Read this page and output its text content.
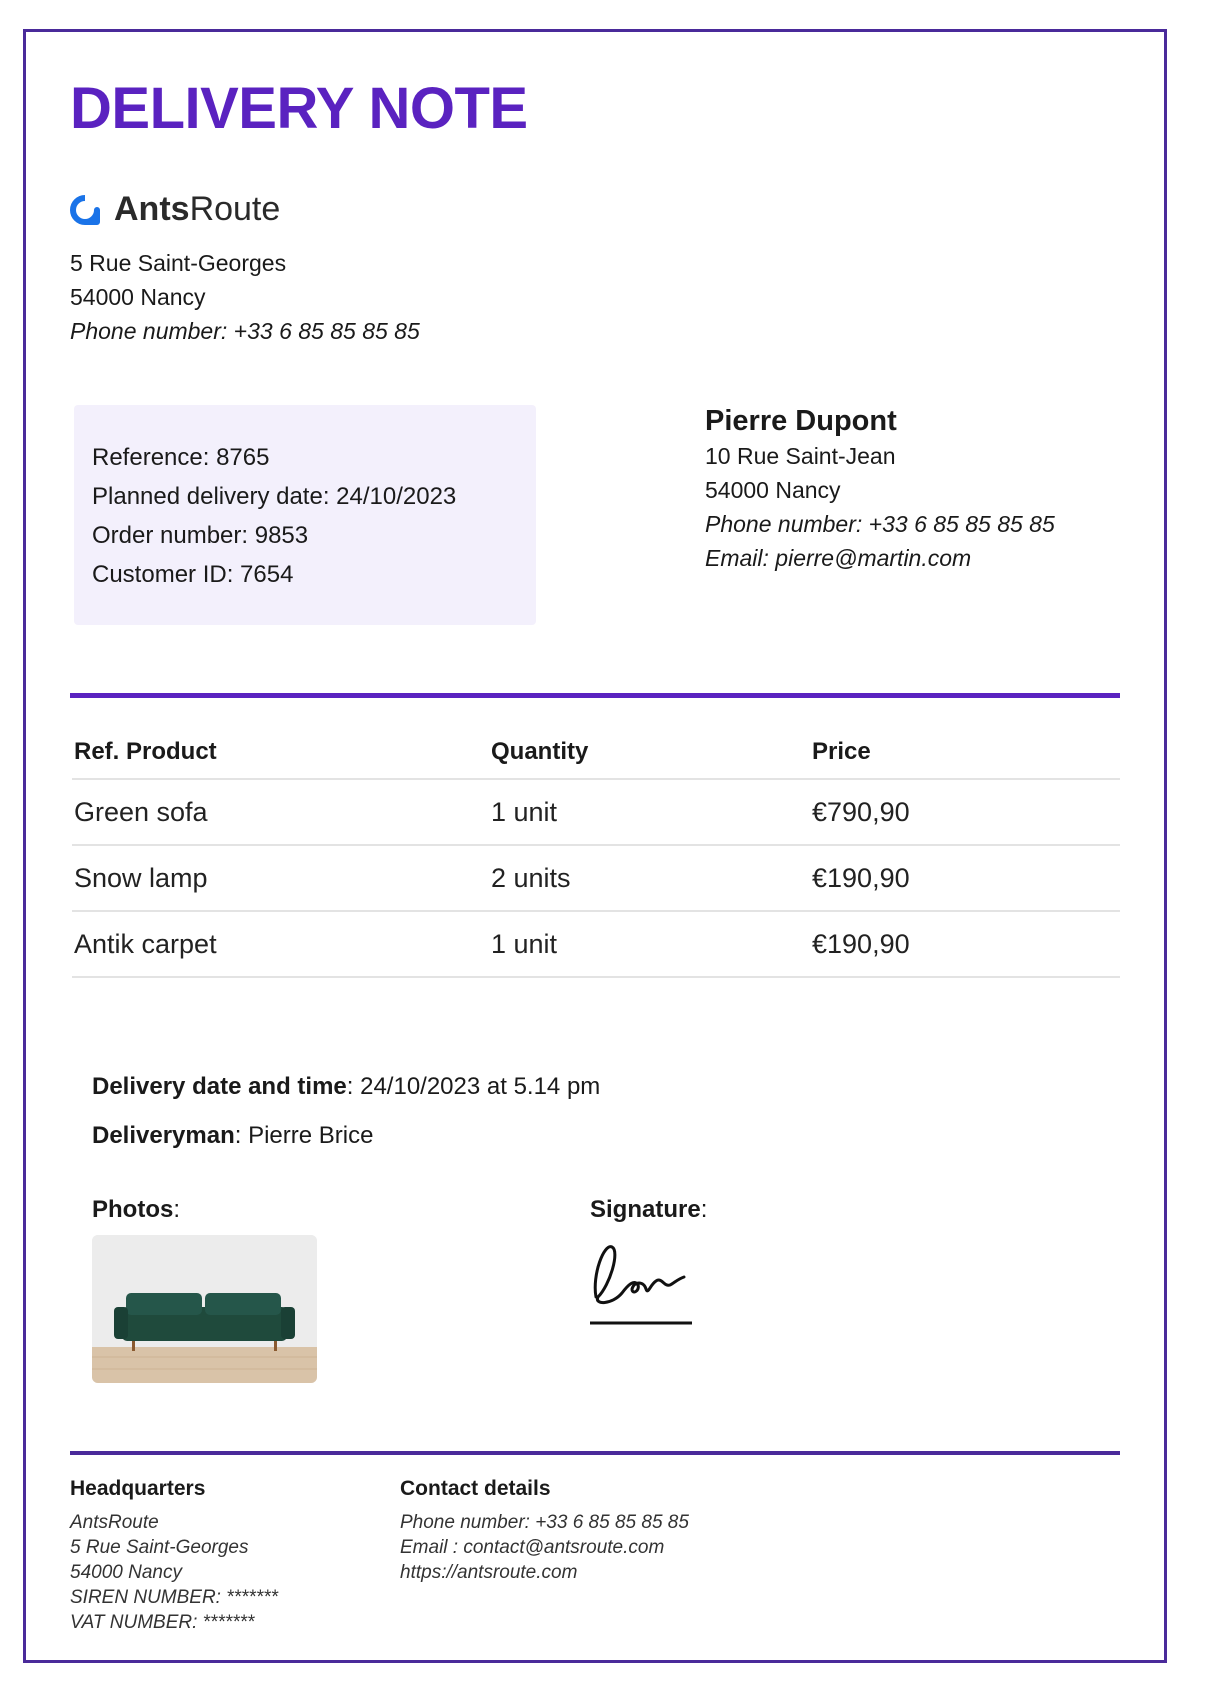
DELIVERY NOTE
AntsRoute
5 Rue Saint-Georges
54000 Nancy
Phone number: +33 6 85 85 85 85
Reference: 8765
Planned delivery date: 24/10/2023
Order number: 9853
Customer ID: 7654
Pierre Dupont
10 Rue Saint-Jean
54000 Nancy
Phone number: +33 6 85 85 85 85
Email: pierre@martin.com
Ref. Product	Quantity	Price
Green sofa	1 unit	€790,90
Snow lamp	2 units	€190,90
Antik carpet	1 unit	€190,90
Delivery date and time: 24/10/2023 at 5.14 pm
Deliveryman: Pierre Brice
Photos:	Signature:
Headquarters
AntsRoute
5 Rue Saint-Georges
54000 Nancy
SIREN NUMBER: *******
VAT NUMBER: *******
Contact details
Phone number: +33 6 85 85 85 85
Email : contact@antsroute.com
https://antsroute.com
